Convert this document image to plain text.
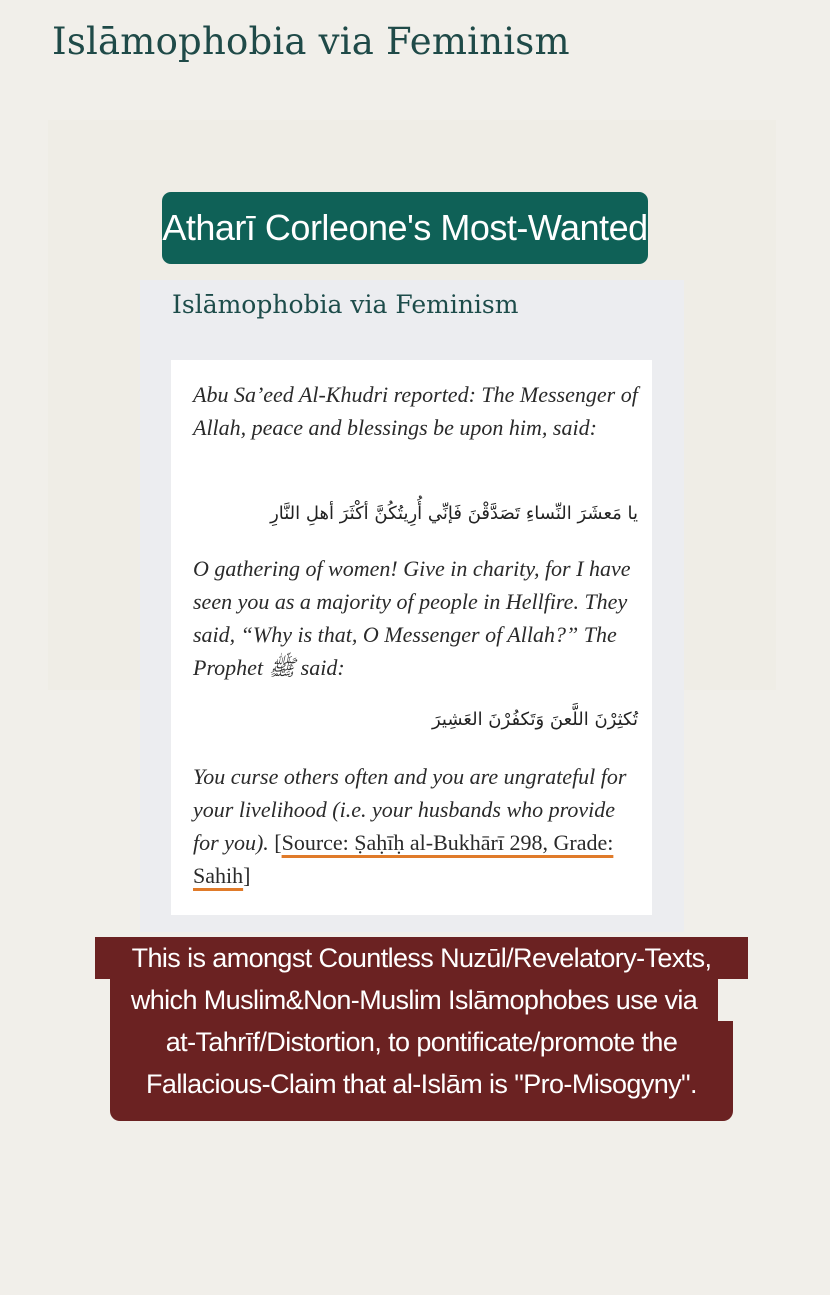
Islāmophobia via Feminism
Atharī Corleone's Most-Wanted
Islāmophobia via Feminism
Abu Sa’eed Al-Khudri reported: The Messenger of Allah, peace and blessings be upon him, said:
يا مَعشَرَ النِّساءِ تَصَدَّقْنَ فَإنِّي أُرِيتُكُنَّ أكْثَرَ أهلِ النَّارِ
O gathering of women! Give in charity, for I have seen you as a majority of people in Hellfire. They said, “Why is that, O Messenger of Allah?” The Prophet ﷺ said:
تُكثِرْنَ اللَّعنَ وَتَكفُرْنَ العَشِيرَ
You curse others often and you are ungrateful for your livelihood (i.e. your husbands who provide for you). [Source: Ṣaḥīḥ al-Bukhārī 298, Grade: Sahih]
This is amongst Countless Nuzūl/Revelatory-Texts,
which Muslim&Non-Muslim Islāmophobes use via
at-Tahrīf/Distortion, to pontificate/promote the
Fallacious-Claim that al-Islām is "Pro-Misogyny".
